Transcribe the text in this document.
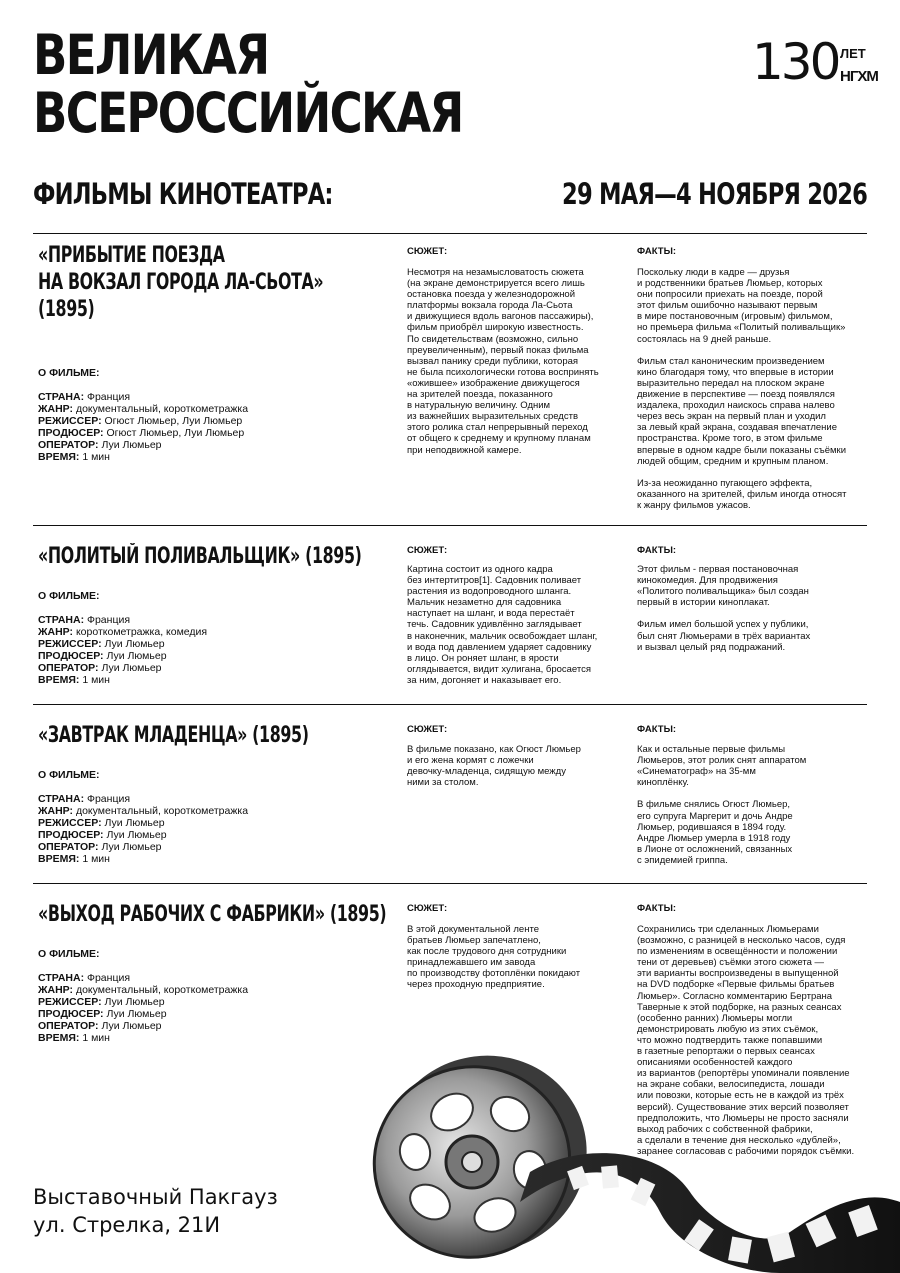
ВЕЛИКАЯ
ВСЕРОССИЙСКАЯ
130 ЛЕТ
НГХМ
ФИЛЬМЫ КИНОТЕАТРА:	29 МАЯ—4 НОЯБРЯ 2026
«ПРИБЫТИЕ ПОЕЗДА
НА ВОКЗАЛ ГОРОДА ЛА-СЬОТА»
(1895)
О ФИЛЬМЕ:
СТРАНА: Франция
ЖАНР: документальный, короткометражка
РЕЖИССЕР: Огюст Люмьер, Луи Люмьер
ПРОДЮСЕР: Огюст Люмьер, Луи Люмьер
ОПЕРАТОР: Луи Люмьер
ВРЕМЯ: 1 мин
СЮЖЕТ:
Несмотря на незамысловатость сюжета
(на экране демонстрируется всего лишь
остановка поезда у железнодорожной
платформы вокзала города Ла-Сьота
и движущиеся вдоль вагонов пассажиры),
фильм приобрёл широкую известность.
По свидетельствам (возможно, сильно
преувеличенным), первый показ фильма
вызвал панику среди публики, которая
не была психологически готова воспринять
«ожившее» изображение движущегося
на зрителей поезда, показанного
в натуральную величину. Одним
из важнейших выразительных средств
этого ролика стал непрерывный переход
от общего к среднему и крупному планам
при неподвижной камере.
ФАКТЫ:
Поскольку люди в кадре — друзья
и родственники братьев Люмьер, которых
они попросили приехать на поезде, порой
этот фильм ошибочно называют первым
в мире постановочным (игровым) фильмом,
но премьера фильма «Политый поливальщик»
состоялась на 9 дней раньше.

Фильм стал каноническим произведением
кино благодаря тому, что впервые в истории
выразительно передал на плоском экране
движение в перспективе — поезд появлялся
издалека, проходил наискось справа налево
через весь экран на первый план и уходил
за левый край экрана, создавая впечатление
пространства. Кроме того, в этом фильме
впервые в одном кадре были показаны съёмки
людей общим, средним и крупным планом.

Из-за неожиданно пугающего эффекта,
оказанного на зрителей, фильм иногда относят
к жанру фильмов ужасов.
«ПОЛИТЫЙ ПОЛИВАЛЬЩИК» (1895)
О ФИЛЬМЕ:
СТРАНА: Франция
ЖАНР: короткометражка, комедия
РЕЖИССЕР: Луи Люмьер
ПРОДЮСЕР: Луи Люмьер
ОПЕРАТОР: Луи Люмьер
ВРЕМЯ: 1 мин
СЮЖЕТ:
Картина состоит из одного кадра
без интертитров[1]. Садовник поливает
растения из водопроводного шланга.
Мальчик незаметно для садовника
наступает на шланг, и вода перестаёт
течь. Садовник удивлённо заглядывает
в наконечник, мальчик освобождает шланг,
и вода под давлением ударяет садовнику
в лицо. Он роняет шланг, в ярости
оглядывается, видит хулигана, бросается
за ним, догоняет и наказывает его.
ФАКТЫ:
Этот фильм - первая постановочная
кинокомедия. Для продвижения
«Политого поливальщика» был создан
первый в истории киноплакат.

Фильм имел большой успех у публики,
был снят Люмьерами в трёх вариантах
и вызвал целый ряд подражаний.
«ЗАВТРАК МЛАДЕНЦА» (1895)
О ФИЛЬМЕ:
СТРАНА: Франция
ЖАНР: документальный, короткометражка
РЕЖИССЕР: Луи Люмьер
ПРОДЮСЕР: Луи Люмьер
ОПЕРАТОР: Луи Люмьер
ВРЕМЯ: 1 мин
СЮЖЕТ:
В фильме показано, как Огюст Люмьер
и его жена кормят с ложечки
девочку-младенца, сидящую между
ними за столом.
ФАКТЫ:
Как и остальные первые фильмы
Люмьеров, этот ролик снят аппаратом
«Синематограф» на 35-мм
киноплёнку.

В фильме снялись Огюст Люмьер,
его супруга Маргерит и дочь Андре
Люмьер, родившаяся в 1894 году.
Андре Люмьер умерла в 1918 году
в Лионе от осложнений, связанных
с эпидемией гриппа.
«ВЫХОД РАБОЧИХ С ФАБРИКИ» (1895)
О ФИЛЬМЕ:
СТРАНА: Франция
ЖАНР: документальный, короткометражка
РЕЖИССЕР: Луи Люмьер
ПРОДЮСЕР: Луи Люмьер
ОПЕРАТОР: Луи Люмьер
ВРЕМЯ: 1 мин
СЮЖЕТ:
В этой документальной ленте
братьев Люмьер запечатлено,
как после трудового дня сотрудники
принадлежавшего им завода
по производству фотоплёнки покидают
через проходную предприятие.
ФАКТЫ:
Сохранились три сделанных Люмьерами
(возможно, с разницей в несколько часов, судя
по изменениям в освещённости и положении
тени от деревьев) съёмки этого сюжета —
эти варианты воспроизведены в выпущенной
на DVD подборке «Первые фильмы братьев
Люмьер». Согласно комментарию Бертрана
Таверные к этой подборке, на разных сеансах
(особенно ранних) Люмьеры могли
демонстрировать любую из этих съёмок,
что можно подтвердить также попавшими
в газетные репортажи о первых сеансах
описаниями особенностей каждого
из вариантов (репортёры упоминали появление
на экране собаки, велосипедиста, лошади
или повозки, которые есть не в каждой из трёх
версий). Существование этих версий позволяет
предположить, что Люмьеры не просто засняли
выход рабочих с собственной фабрики,
а сделали в течение дня несколько «дублей»,
заранее согласовав с рабочими порядок съёмки.
Выставочный Пакгауз
ул. Стрелка, 21И
